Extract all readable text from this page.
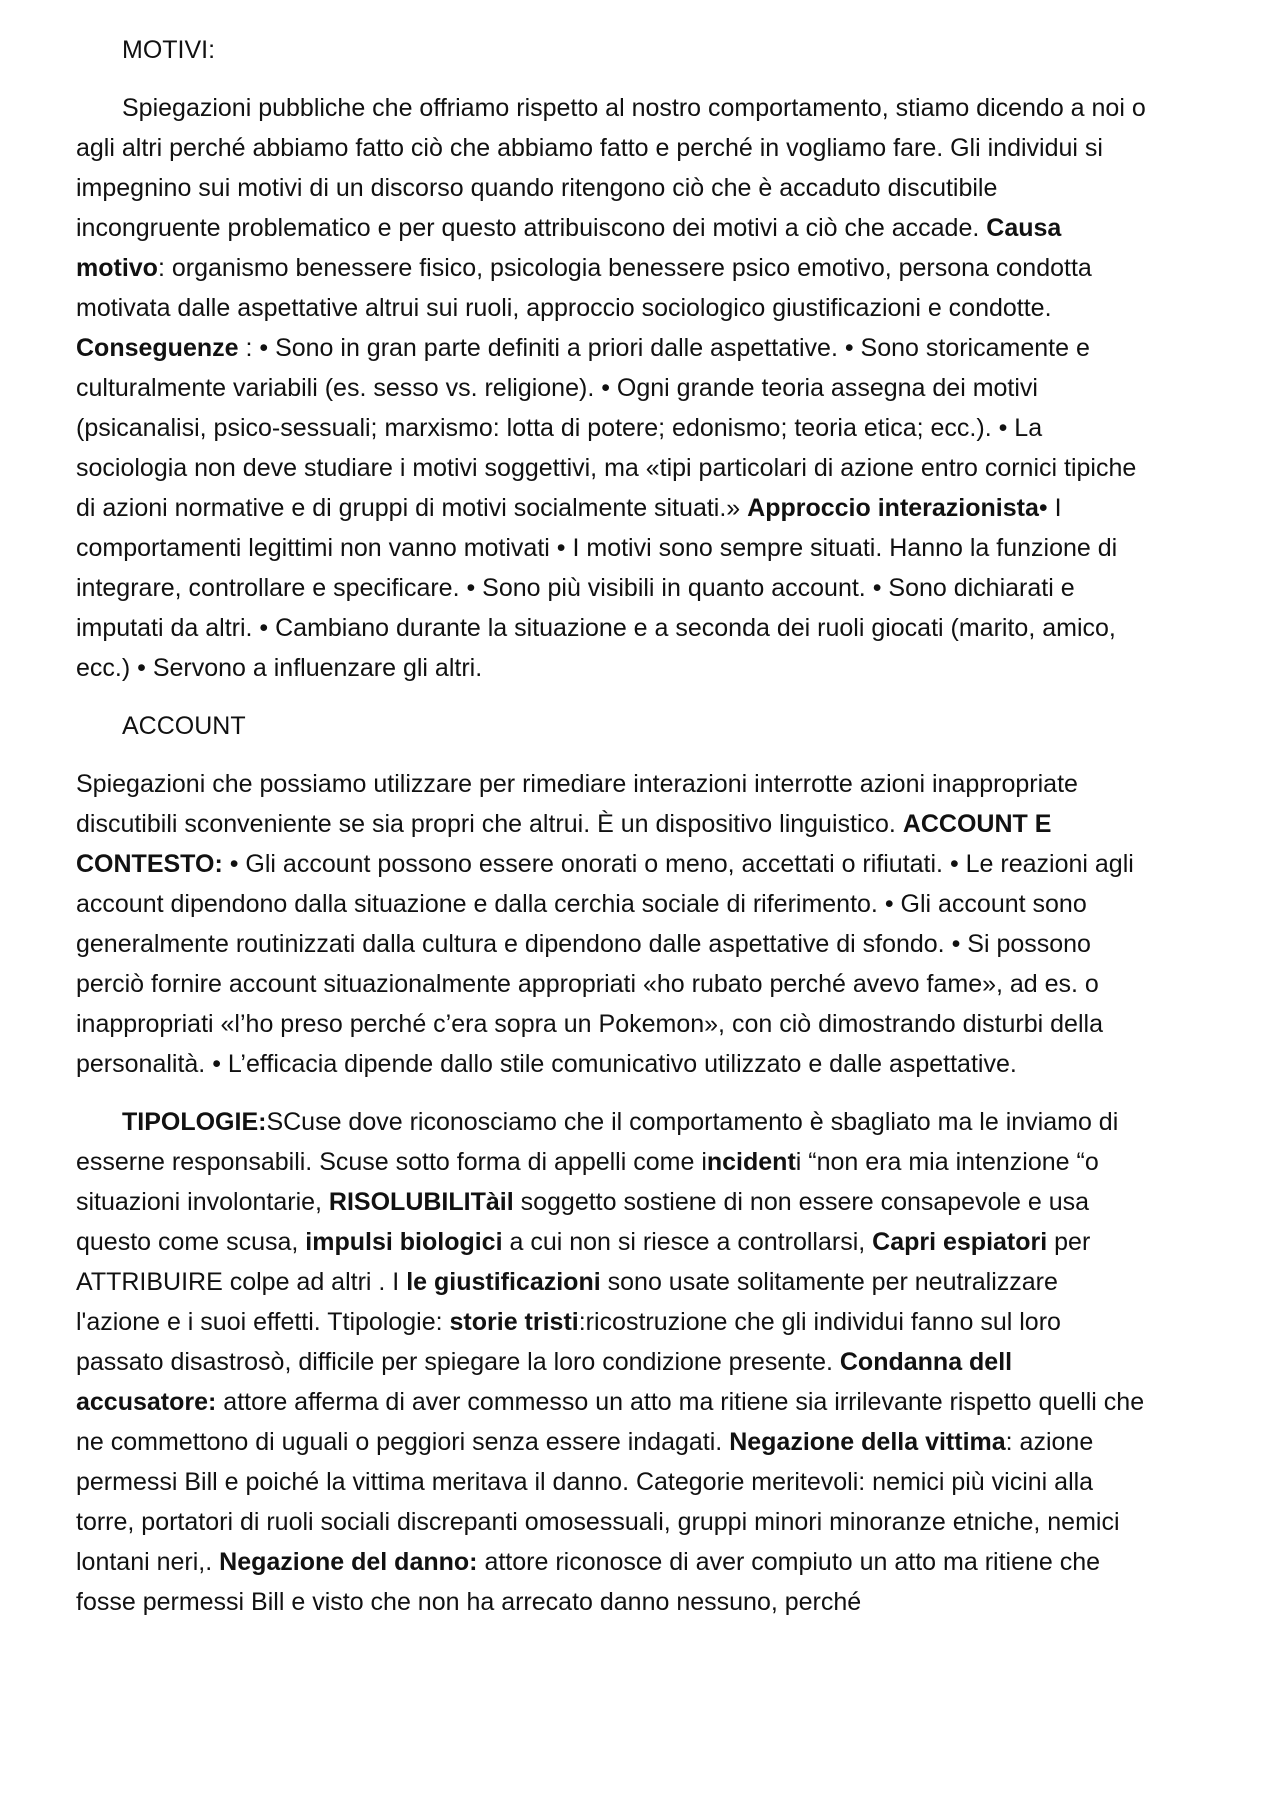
MOTIVI:

Spiegazioni pubbliche che offriamo rispetto al nostro comportamento, stiamo dicendo a noi o agli altri perché abbiamo fatto ciò che abbiamo fatto e perché in vogliamo fare. Gli individui si impegnino sui motivi di un discorso quando ritengono ciò che è accaduto discutibile incongruente problematico e per questo attribuiscono dei motivi a ciò che accade. Causa motivo: organismo benessere fisico, psicologia benessere psico emotivo, persona condotta motivata dalle aspettative altrui sui ruoli, approccio sociologico giustificazioni e condotte. Conseguenze : • Sono in gran parte definiti a priori dalle aspettative. • Sono storicamente e culturalmente variabili (es. sesso vs. religione). • Ogni grande teoria assegna dei motivi (psicanalisi, psico-sessuali; marxismo: lotta di potere; edonismo; teoria etica; ecc.). • La sociologia non deve studiare i motivi soggettivi, ma «tipi particolari di azione entro cornici tipiche di azioni normative e di gruppi di motivi socialmente situati.» Approccio interazionista• I comportamenti legittimi non vanno motivati • I motivi sono sempre situati. Hanno la funzione di integrare, controllare e specificare. • Sono più visibili in quanto account. • Sono dichiarati e imputati da altri. • Cambiano durante la situazione e a seconda dei ruoli giocati (marito, amico, ecc.) • Servono a influenzare gli altri.

ACCOUNT

Spiegazioni che possiamo utilizzare per rimediare interazioni interrotte azioni inappropriate discutibili sconveniente se sia propri che altrui. È un dispositivo linguistico. ACCOUNT E CONTESTO: • Gli account possono essere onorati o meno, accettati o rifiutati. • Le reazioni agli account dipendono dalla situazione e dalla cerchia sociale di riferimento. • Gli account sono generalmente routinizzati dalla cultura e dipendono dalle aspettative di sfondo. • Si possono perciò fornire account situazionalmente appropriati «ho rubato perché avevo fame», ad es. o inappropriati «l’ho preso perché c’era sopra un Pokemon», con ciò dimostrando disturbi della personalità. • L’efficacia dipende dallo stile comunicativo utilizzato e dalle aspettative.

TIPOLOGIE:SCuse dove riconosciamo che il comportamento è sbagliato ma le inviamo di esserne responsabili. Scuse sotto forma di appelli come incidenti “non era mia intenzione “o situazioni involontarie, RISOLUBILITàil soggetto sostiene di non essere consapevole e usa questo come scusa, impulsi biologici a cui non si riesce a controllarsi, Capri espiatori per ATTRIBUIRE colpe ad altri . I le giustificazioni sono usate solitamente per neutralizzare l'azione e i suoi effetti. Ttipologie: storie tristi:ricostruzione che gli individui fanno sul loro passato disastrosò, difficile per spiegare la loro condizione presente. Condanna dell accusatore: attore afferma di aver commesso un atto ma ritiene sia irrilevante rispetto quelli che ne commettono di uguali o peggiori senza essere indagati. Negazione della vittima: azione permessi Bill e poiché la vittima meritava il danno. Categorie meritevoli: nemici più vicini alla torre, portatori di ruoli sociali discrepanti omosessuali, gruppi minori minoranze etniche, nemici lontani neri,. Negazione del danno: attore riconosce di aver compiuto un atto ma ritiene che fosse permessi Bill e visto che non ha arrecato danno nessuno, perché
